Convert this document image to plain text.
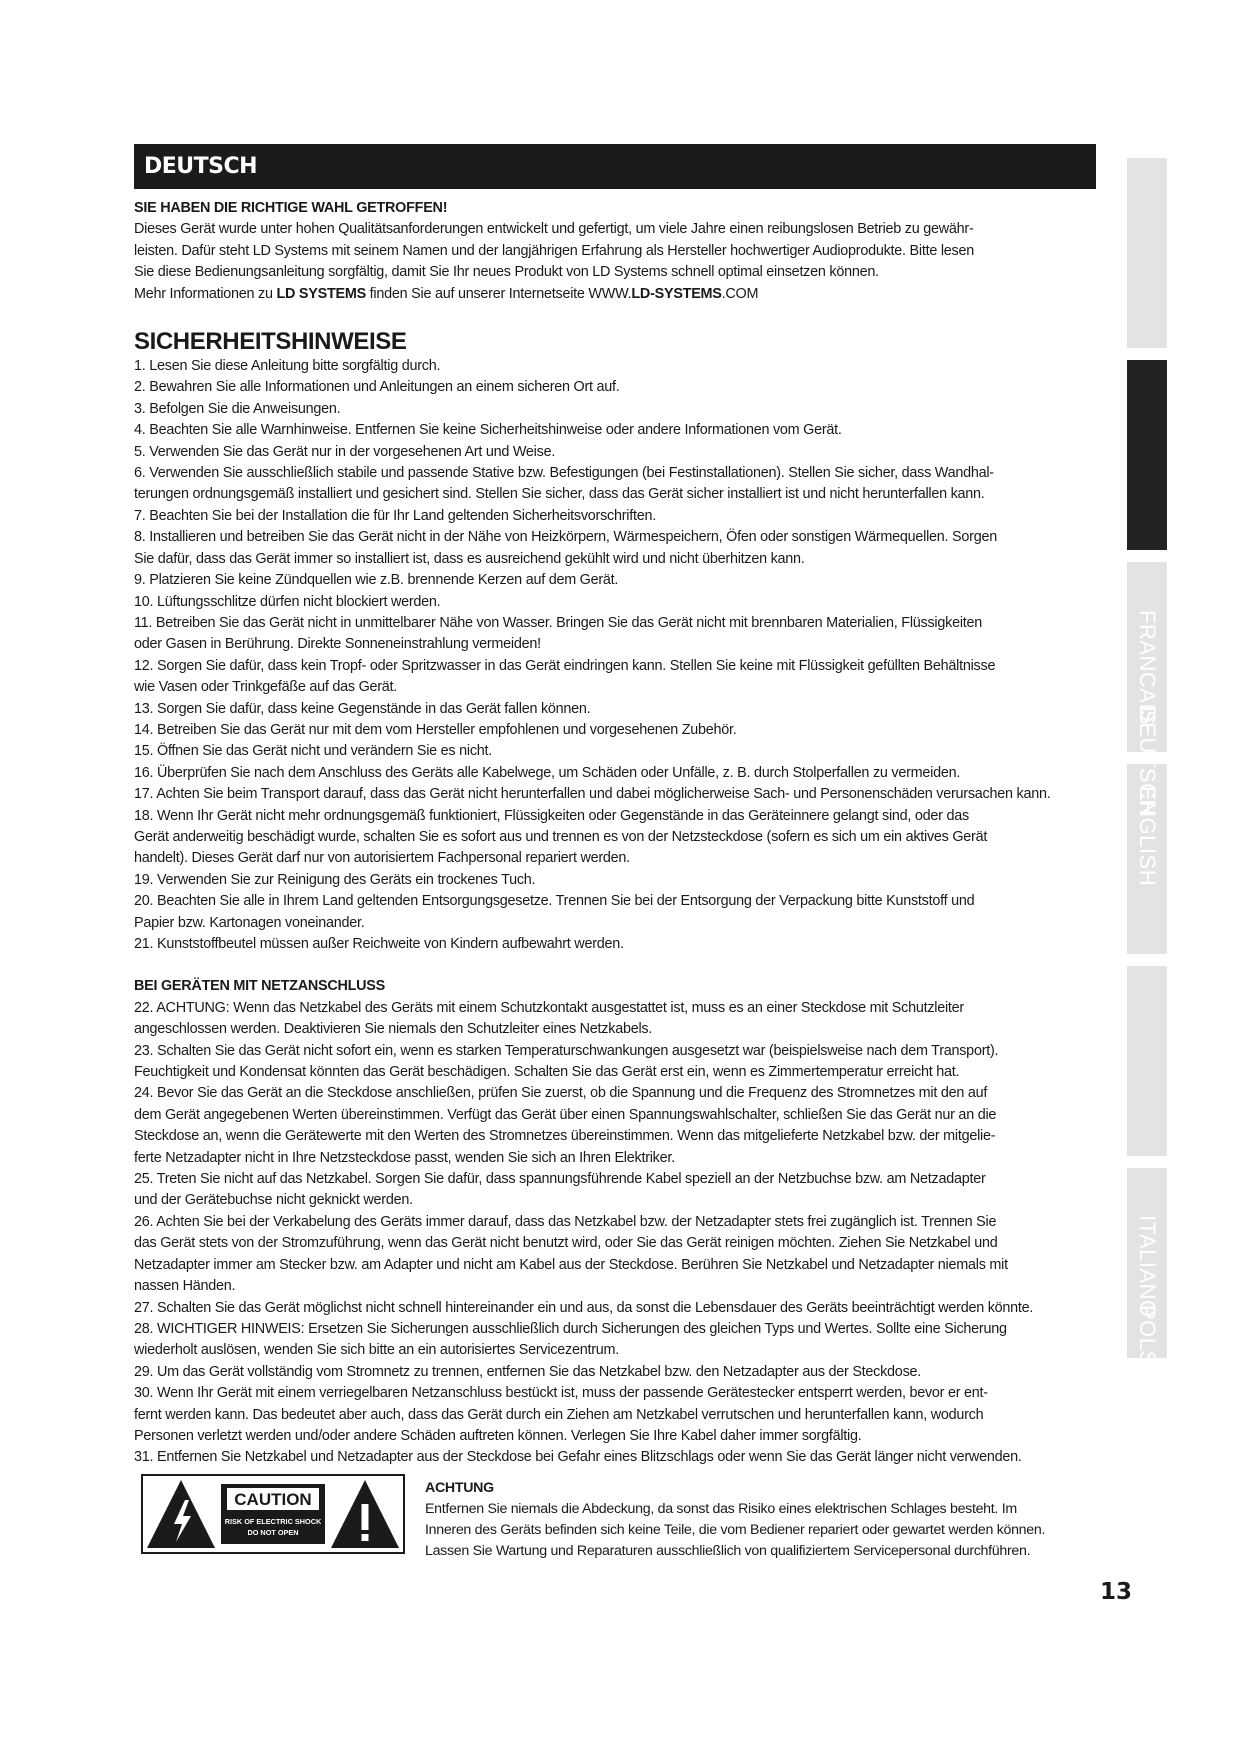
DEUTSCH

SIE HABEN DIE RICHTIGE WAHL GETROFFEN!

Dieses Gerät wurde unter hohen Qualitätsanforderungen entwickelt und gefertigt, um viele Jahre einen reibungslosen Betrieb zu gewähr-

leisten. Dafür steht LD Systems mit seinem Namen und der langjährigen Erfahrung als Hersteller hochwertiger Audioprodukte. Bitte lesen

Sie diese Bedienungsanleitung sorgfältig, damit Sie Ihr neues Produkt von LD Systems schnell optimal einsetzen können.

Mehr Informationen zu LD SYSTEMS finden Sie auf unserer Internetseite WWW.LD-SYSTEMS.COM

SICHERHEITSHINWEISE

1. Lesen Sie diese Anleitung bitte sorgfältig durch.

2. Bewahren Sie alle Informationen und Anleitungen an einem sicheren Ort auf.

3. Befolgen Sie die Anweisungen.

4. Beachten Sie alle Warnhinweise. Entfernen Sie keine Sicherheitshinweise oder andere Informationen vom Gerät.

5. Verwenden Sie das Gerät nur in der vorgesehenen Art und Weise.

6. Verwenden Sie ausschließlich stabile und passende Stative bzw. Befestigungen (bei Festinstallationen). Stellen Sie sicher, dass Wandhal-

terungen ordnungsgemäß installiert und gesichert sind. Stellen Sie sicher, dass das Gerät sicher installiert ist und nicht herunterfallen kann.

7. Beachten Sie bei der Installation die für Ihr Land geltenden Sicherheitsvorschriften.

8. Installieren und betreiben Sie das Gerät nicht in der Nähe von Heizkörpern, Wärmespeichern, Öfen oder sonstigen Wärmequellen. Sorgen

Sie dafür, dass das Gerät immer so installiert ist, dass es ausreichend gekühlt wird und nicht überhitzen kann.

9. Platzieren Sie keine Zündquellen wie z.B. brennende Kerzen auf dem Gerät.

10. Lüftungsschlitze dürfen nicht blockiert werden.

11. Betreiben Sie das Gerät nicht in unmittelbarer Nähe von Wasser. Bringen Sie das Gerät nicht mit brennbaren Materialien, Flüssigkeiten

oder Gasen in Berührung. Direkte Sonneneinstrahlung vermeiden!

12. Sorgen Sie dafür, dass kein Tropf- oder Spritzwasser in das Gerät eindringen kann. Stellen Sie keine mit Flüssigkeit gefüllten Behältnisse

wie Vasen oder Trinkgefäße auf das Gerät.

13. Sorgen Sie dafür, dass keine Gegenstände in das Gerät fallen können.

14. Betreiben Sie das Gerät nur mit dem vom Hersteller empfohlenen und vorgesehenen Zubehör.

15. Öffnen Sie das Gerät nicht und verändern Sie es nicht.

16. Überprüfen Sie nach dem Anschluss des Geräts alle Kabelwege, um Schäden oder Unfälle, z. B. durch Stolperfallen zu vermeiden.

17. Achten Sie beim Transport darauf, dass das Gerät nicht herunterfallen und dabei möglicherweise Sach- und Personenschäden verursachen kann.

18. Wenn Ihr Gerät nicht mehr ordnungsgemäß funktioniert, Flüssigkeiten oder Gegenstände in das Geräteinnere gelangt sind, oder das

Gerät anderweitig beschädigt wurde, schalten Sie es sofort aus und trennen es von der Netzsteckdose (sofern es sich um ein aktives Gerät

handelt). Dieses Gerät darf nur von autorisiertem Fachpersonal repariert werden.

19. Verwenden Sie zur Reinigung des Geräts ein trockenes Tuch.

20. Beachten Sie alle in Ihrem Land geltenden Entsorgungsgesetze. Trennen Sie bei der Entsorgung der Verpackung bitte Kunststoff und

Papier bzw. Kartonagen voneinander.

21. Kunststoffbeutel müssen außer Reichweite von Kindern aufbewahrt werden.

BEI GERÄTEN MIT NETZANSCHLUSS

22. ACHTUNG: Wenn das Netzkabel des Geräts mit einem Schutzkontakt ausgestattet ist, muss es an einer Steckdose mit Schutzleiter

angeschlossen werden. Deaktivieren Sie niemals den Schutzleiter eines Netzkabels.

23. Schalten Sie das Gerät nicht sofort ein, wenn es starken Temperaturschwankungen ausgesetzt war (beispielsweise nach dem Transport).

Feuchtigkeit und Kondensat könnten das Gerät beschädigen. Schalten Sie das Gerät erst ein, wenn es Zimmertemperatur erreicht hat.

24. Bevor Sie das Gerät an die Steckdose anschließen, prüfen Sie zuerst, ob die Spannung und die Frequenz des Stromnetzes mit den auf

dem Gerät angegebenen Werten übereinstimmen. Verfügt das Gerät über einen Spannungswahlschalter, schließen Sie das Gerät nur an die

Steckdose an, wenn die Gerätewerte mit den Werten des Stromnetzes übereinstimmen. Wenn das mitgelieferte Netzkabel bzw. der mitgelie-

ferte Netzadapter nicht in Ihre Netzsteckdose passt, wenden Sie sich an Ihren Elektriker.

25. Treten Sie nicht auf das Netzkabel. Sorgen Sie dafür, dass spannungsführende Kabel speziell an der Netzbuchse bzw. am Netzadapter

und der Gerätebuchse nicht geknickt werden.

26. Achten Sie bei der Verkabelung des Geräts immer darauf, dass das Netzkabel bzw. der Netzadapter stets frei zugänglich ist. Trennen Sie

das Gerät stets von der Stromzuführung, wenn das Gerät nicht benutzt wird, oder Sie das Gerät reinigen möchten. Ziehen Sie Netzkabel und

Netzadapter immer am Stecker bzw. am Adapter und nicht am Kabel aus der Steckdose. Berühren Sie Netzkabel und Netzadapter niemals mit

nassen Händen.

27. Schalten Sie das Gerät möglichst nicht schnell hintereinander ein und aus, da sonst die Lebensdauer des Geräts beeinträchtigt werden könnte.

28. WICHTIGER HINWEIS: Ersetzen Sie Sicherungen ausschließlich durch Sicherungen des gleichen Typs und Wertes. Sollte eine Sicherung

wiederholt auslösen, wenden Sie sich bitte an ein autorisiertes Servicezentrum.

29. Um das Gerät vollständig vom Stromnetz zu trennen, entfernen Sie das Netzkabel bzw. den Netzadapter aus der Steckdose.

30. Wenn Ihr Gerät mit einem verriegelbaren Netzanschluss bestückt ist, muss der passende Gerätestecker entsperrt werden, bevor er ent-

fernt werden kann. Das bedeutet aber auch, dass das Gerät durch ein Ziehen am Netzkabel verrutschen und herunterfallen kann, wodurch

Personen verletzt werden und/oder andere Schäden auftreten können. Verlegen Sie Ihre Kabel daher immer sorgfältig.

31. Entfernen Sie Netzkabel und Netzadapter aus der Steckdose bei Gefahr eines Blitzschlags oder wenn Sie das Gerät länger nicht verwenden.

CAUTION
RISK OF ELECTRIC SHOCK
DO NOT OPEN

ACHTUNG

Entfernen Sie niemals die Abdeckung, da sonst das Risiko eines elektrischen Schlages besteht. Im

Inneren des Geräts befinden sich keine Teile, die vom Bediener repariert oder gewartet werden können.

Lassen Sie Wartung und Reparaturen ausschließlich von qualifiziertem Servicepersonal durchführen.

FRANCAIS
DEUTSCH
ENGLISH
ITALIANO
POLSKI
13
